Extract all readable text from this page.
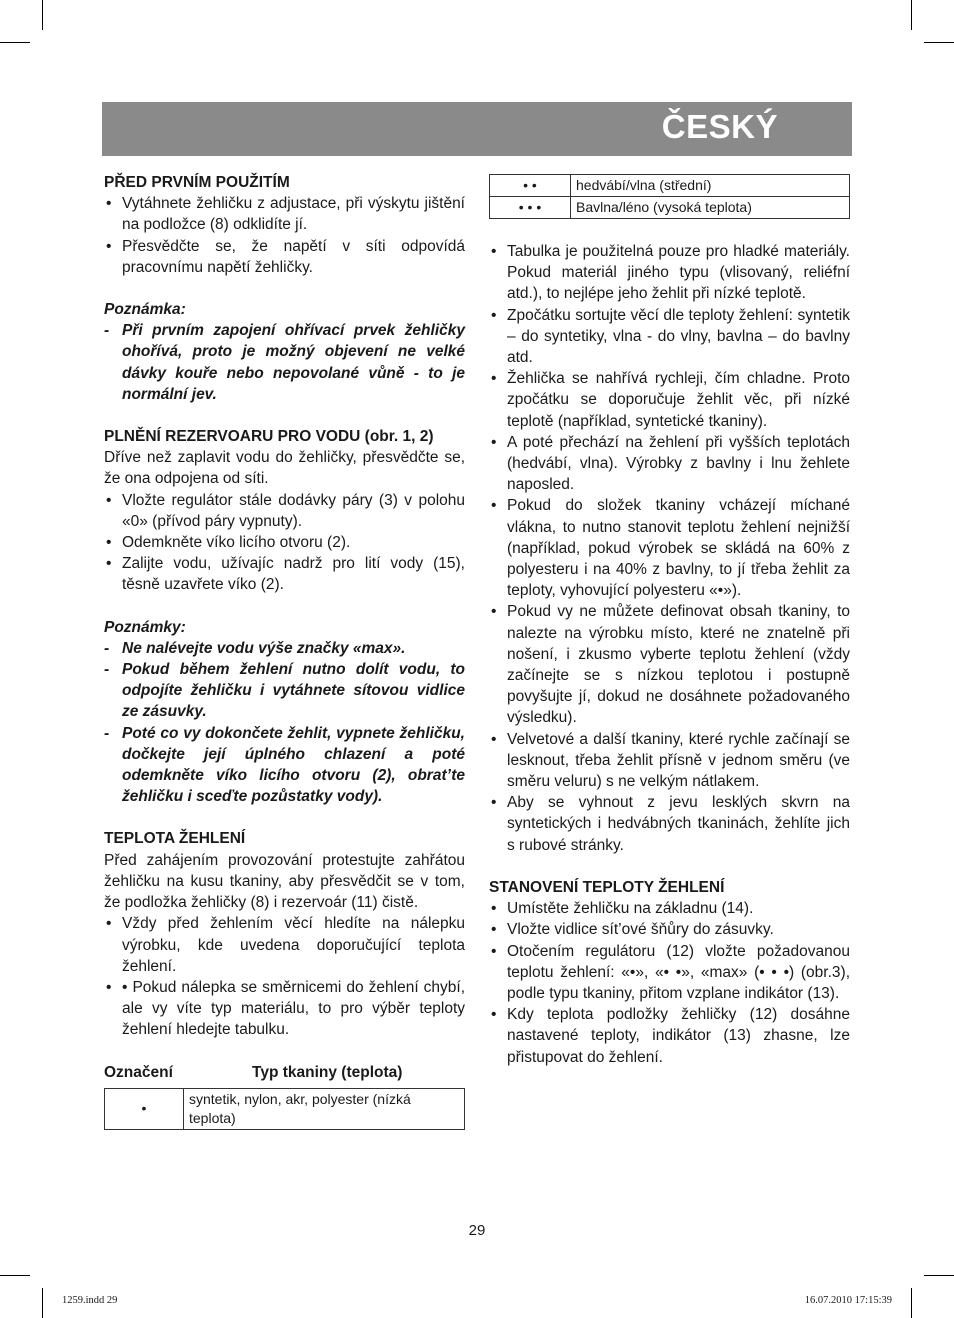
ČESKÝ
PŘED PRVNÍM POUŽITÍM
• Vytáhnete žehličku z adjustace, při výskytu jištění na podložce (8) odklidíte jí.
• Přesvědčte se, že napětí v síti odpovídá pracovnímu napětí žehličky.
Poznámka:
- Při prvním zapojení ohřívací prvek žehličky ohořívá, proto je možný objevení ne velké dávky kouře nebo nepovolané vůně - to je normální jev.
PLNĚNÍ REZERVOARU PRO VODU (obr. 1, 2)

Dříve než zaplavit vodu do žehličky, přesvědčte se, že ona odpojena od síti.

• Vložte regulátor stále dodávky páry (3) v polohu «0» (přívod páry vypnuty).
• Odemkněte víko licího otvoru (2).
• Zalijte vodu, užívajíc nadrž pro lití vody (15), těsně uzavřete víko (2).
Poznámky:
- Ne nalévejte vodu výše značky «max».
- Pokud během žehlení nutno dolít vodu, to odpojíte žehličku i vytáhnete sítovou vidlice ze zásuvky.
- Poté co vy dokončete žehlit, vypnete žehličku, dočkejte její úplného chlazení a poté odemkněte víko licího otvoru (2), obrat’te žehličku i sceďte pozůstatky vody).
TEPLOTA ŽEHLENÍ

Před zahájením provozování protestujte zahřátou žehličku na kusu tkaniny, aby přesvědčit se v tom, že podložka žehličky (8) i rezervoár (11) čistě.

• Vždy před žehlením věcí hledíte na nálepku výrobku, kde uvedena doporučující teplota žehlení.
• • Pokud nálepka se směrnicemi do žehlení chybí, ale vy víte typ materiálu, to pro výběr teploty žehlení hledejte tabulku.
Označení	Typ tkaniny (teplota)
•	syntetik, nylon, akr, polyester (nízká teplota)
• •	hedvábí/vlna (střední)
• • •	Bavlna/léno (vysoká teplota)
• Tabulka je použitelná pouze pro hladké materiály. Pokud materiál jiného typu (vlisovaný, reliéfní atd.), to nejlépe jeho žehlit při nízké teplotě.
• Zpočátku sortujte věcí dle teploty žehlení: syntetik – do syntetiky, vlna - do vlny, bavlna – do bavlny atd.
• Žehlička se nahřívá rychleji, čím chladne. Proto zpočátku se doporučuje žehlit věc, při nízké teplotě (například, syntetické tkaniny).
• A poté přechází na žehlení při vyšších teplotách (hedvábí, vlna). Výrobky z bavlny i lnu žehlete naposled.
• Pokud do složek tkaniny vcházejí míchané vlákna, to nutno stanovit teplotu žehlení nejnižší (například, pokud výrobek se skládá na 60% z polyesteru i na 40% z bavlny, to jí třeba žehlit za teploty, vyhovující polyesteru «•»).
• Pokud vy ne můžete definovat obsah tkaniny, to nalezte na výrobku místo, které ne znatelně při nošení, i zkusmo vyberte teplotu žehlení (vždy začínejte se s nízkou teplotou i postupně povyšujte jí, dokud ne dosáhnete požadovaného výsledku).
• Velvetové a další tkaniny, které rychle začínají se lesknout, třeba žehlit přísně v jednom směru (ve směru veluru) s ne velkým nátlakem.
• Aby se vyhnout z jevu lesklých skvrn na syntetických i hedvábných tkaninách, žehlíte jich s rubové stránky.
STANOVENÍ TEPLOTY ŽEHLENÍ
• Umístěte žehličku na základnu (14).
• Vložte vidlice sít’ové šňůry do zásuvky.
• Otočením regulátoru (12) vložte požadovanou teplotu žehlení: «•», «• •», «max» (• • •) (obr.3), podle typu tkaniny, přitom vzplane indikátor (13).
• Kdy teplota podložky žehličky (12) dosáhne nastavené teploty, indikátor (13) zhasne, lze přistupovat do žehlení.
29
1259.indd 29	16.07.2010 17:15:39
